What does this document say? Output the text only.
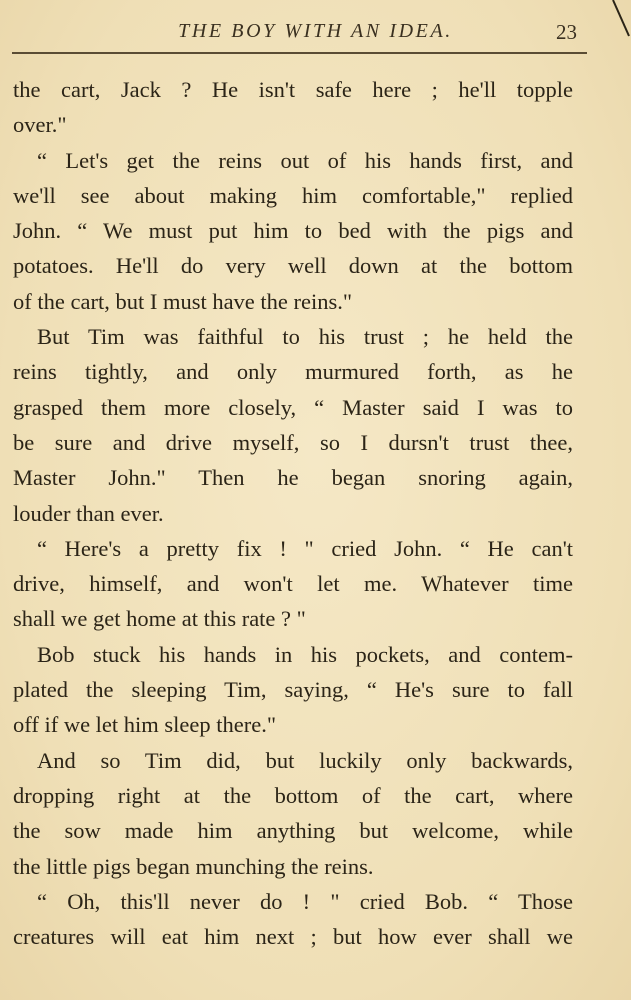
THE BOY WITH AN IDEA.	23
the cart, Jack ? He isn't safe here ; he'll topple
over."
“ Let's get the reins out of his hands first, and
we'll see about making him comfortable," replied
John. “ We must put him to bed with the pigs and
potatoes. He'll do very well down at the bottom
of the cart, but I must have the reins."
But Tim was faithful to his trust ; he held the
reins tightly, and only murmured forth, as he
grasped them more closely, “ Master said I was to
be sure and drive myself, so I dursn't trust thee,
Master John." Then he began snoring again,
louder than ever.
“ Here's a pretty fix ! " cried John. “ He can't
drive, himself, and won't let me. Whatever time
shall we get home at this rate ? "
Bob stuck his hands in his pockets, and contem-
plated the sleeping Tim, saying, “ He's sure to fall
off if we let him sleep there."
And so Tim did, but luckily only backwards,
dropping right at the bottom of the cart, where
the sow made him anything but welcome, while
the little pigs began munching the reins.
“ Oh, this'll never do ! " cried Bob. “ Those
creatures will eat him next ; but how ever shall we
